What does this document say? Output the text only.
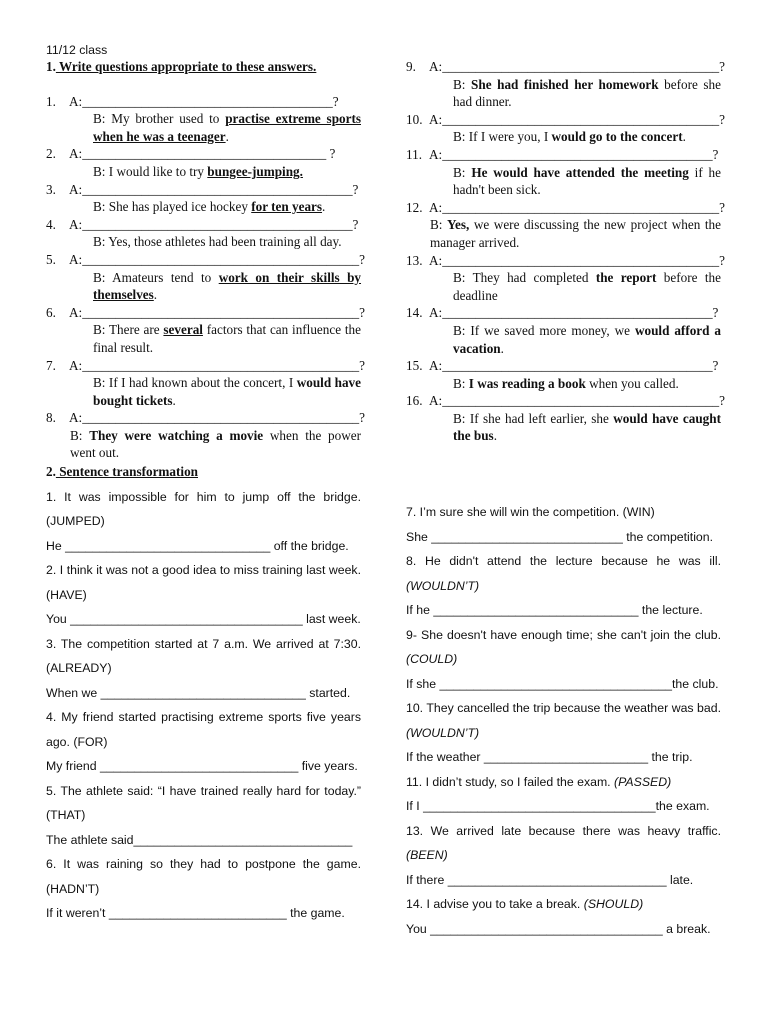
11/12 class
1. Write questions appropriate to these answers.
1. A:______________________________________?
B: My brother used to practise extreme sports when he was a teenager.
2. A:_____________________________________ ?
B: I would like to try bungee-jumping.
3. A:_________________________________________?
B: She has played ice hockey for ten years.
4. A:_________________________________________?
B: Yes, those athletes had been training all day.
5. A:__________________________________________?
B: Amateurs tend to work on their skills by themselves.
6. A:__________________________________________?
B: There are several factors that can influence the final result.
7. A:__________________________________________?
B: If I had known about the concert, I would have bought tickets.
8. A:__________________________________________?
B: They were watching a movie when the power went out.
2. Sentence transformation
1. It was impossible for him to jump off the bridge. (JUMPED)
He ______________________________ off the bridge.
2. I think it was not a good idea to miss training last week. (HAVE)
You __________________________________ last week.
3. The competition started at 7 a.m. We arrived at 7:30. (ALREADY)
When we ______________________________ started.
4. My friend started practising extreme sports five years ago. (FOR)
My friend _____________________________ five years.
5. The athlete said: “I have trained really hard for today.” (THAT)
The athlete said________________________________
6. It was raining so they had to postpone the game. (HADN’T)
If it weren’t __________________________ the game.
9. A:__________________________________________?
B: She had finished her homework before she had dinner.
10. A:__________________________________________?
B: If I were you, I would go to the concert.
11. A:_________________________________________?
B: He would have attended the meeting if he hadn't been sick.
12. A:__________________________________________?
B: Yes, we were discussing the new project when the manager arrived.
13. A:__________________________________________?
B: They had completed the report before the deadline
14. A:_________________________________________?
B: If we saved more money, we would afford a vacation.
15. A:_________________________________________?
B: I was reading a book when you called.
16. A:__________________________________________?
B: If she had left earlier, she would have caught the bus.
7. I’m sure she will win the competition. (WIN)
She ____________________________ the competition.
8. He didn't attend the lecture because he was ill. (WOULDN’T)
If he ______________________________ the lecture.
9- She doesn't have enough time; she can't join the club. (COULD)
If she __________________________________the club.
10. They cancelled the trip because the weather was bad. (WOULDN’T)
If the weather ________________________ the trip.
11. I didn’t study, so I failed the exam. (PASSED)
If I __________________________________the exam.
13. We arrived late because there was heavy traffic. (BEEN)
If there ________________________________ late.
14. I advise you to take a break. (SHOULD)
You __________________________________ a break.
